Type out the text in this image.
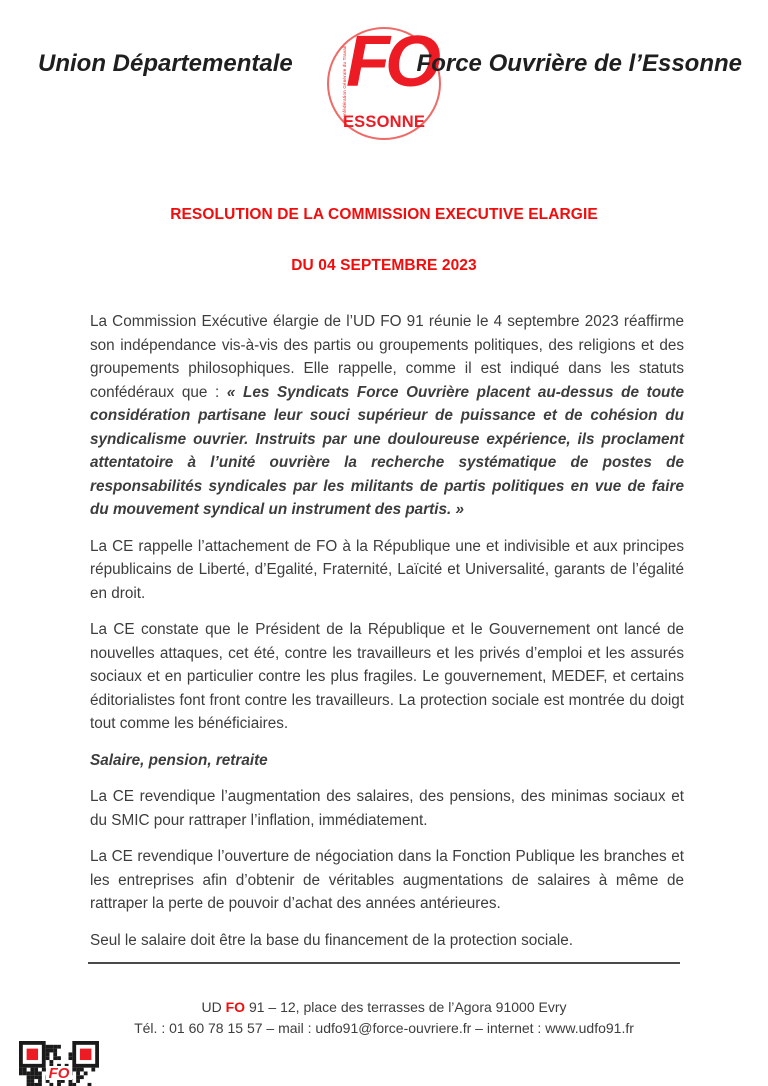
Union Départementale	Confédération Générale du Travail FO
ESSONNE
Force Ouvrière de l’Essonne
RESOLUTION DE LA COMMISSION EXECUTIVE ELARGIE
DU 04 SEPTEMBRE 2023

La Commission Exécutive élargie de l’UD FO 91 réunie le 4 septembre 2023 réaffirme son indépendance vis-à-vis des partis ou groupements politiques, des religions et des groupements philosophiques. Elle rappelle, comme il est indiqué dans les statuts confédéraux que : « Les Syndicats Force Ouvrière placent au-dessus de toute considération partisane leur souci supérieur de puissance et de cohésion du syndicalisme ouvrier. Instruits par une douloureuse expérience, ils proclament attentatoire à l’unité ouvrière la recherche systématique de postes de responsabilités syndicales par les militants de partis politiques en vue de faire du mouvement syndical un instrument des partis. »

La CE rappelle l’attachement de FO à la République une et indivisible et aux principes républicains de Liberté, d’Egalité, Fraternité, Laïcité et Universalité, garants de l’égalité en droit.

La CE constate que le Président de la République et le Gouvernement ont lancé de nouvelles attaques, cet été, contre les travailleurs et les privés d’emploi et les assurés sociaux et en particulier contre les plus fragiles. Le gouvernement, MEDEF, et certains éditorialistes font front contre les travailleurs. La protection sociale est montrée du doigt tout comme les bénéficiaires.

Salaire, pension, retraite

La CE revendique l’augmentation des salaires, des pensions, des minimas sociaux et du SMIC pour rattraper l’inflation, immédiatement.

La CE revendique l’ouverture de négociation dans la Fonction Publique les branches et les entreprises afin d’obtenir de véritables augmentations de salaires à même de rattraper la perte de pouvoir d’achat des années antérieures.

Seul le salaire doit être la base du financement de la protection sociale.

UD FO 91 – 12, place des terrasses de l’Agora 91000 Evry
Tél. : 01 60 78 15 57 – mail : udfo91@force-ouvriere.fr – internet : www.udfo91.fr
FO
